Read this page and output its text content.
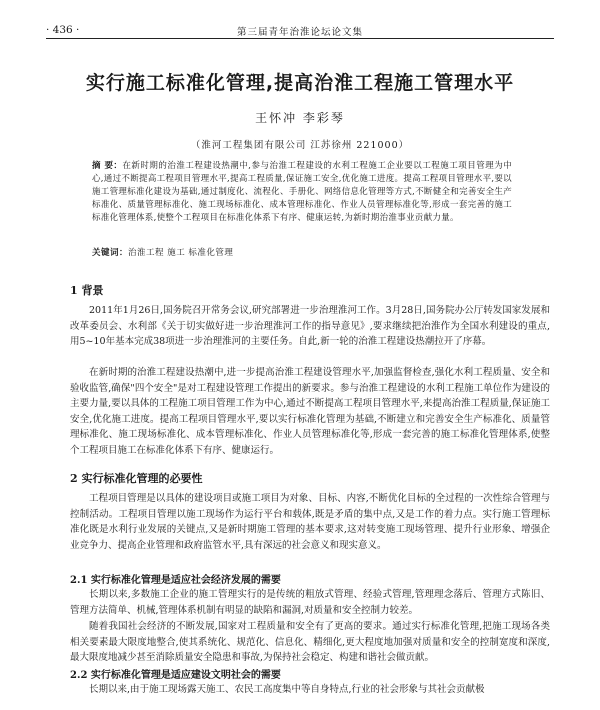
· 436 ·	第三届青年治淮论坛论文集
实行施工标准化管理,提高治淮工程施工管理水平
王怀冲 李彩琴
（淮河工程集团有限公司 江苏徐州 221000）
摘 要：在新时期的治淮工程建设热潮中,参与治淮工程建设的水利工程施工企业要以工程施工项目管理为中心,通过不断提高工程项目管理水平,提高工程质量,保证施工安全,优化施工进度。提高工程项目管理水平,要以施工管理标准化建设为基础,通过制度化、流程化、手册化、网络信息化管理等方式,不断健全和完善安全生产标准化、质量管理标准化、施工现场标准化、成本管理标准化、作业人员管理标准化等,形成一套完善的施工标准化管理体系,使整个工程项目在标准化体系下有序、健康运转,为新时期治淮事业贡献力量。
关键词：治淮工程 施工 标准化管理
1 背景
2011年1月26日,国务院召开常务会议,研究部署进一步治理淮河工作。3月28日,国务院办公厅转发国家发展和改革委员会、水利部《关于切实做好进一步治理淮河工作的指导意见》,要求继续把治淮作为全国水利建设的重点,用5~10年基本完成38项进一步治理淮河的主要任务。自此,新一轮的治淮工程建设热潮拉开了序幕。
在新时期的治淮工程建设热潮中,进一步提高治淮工程建设管理水平,加强监督检查,强化水利工程质量、安全和验收监管,确保"四个安全"是对工程建设管理工作提出的新要求。参与治淮工程建设的水利工程施工单位作为建设的主要力量,要以具体的工程施工项目管理工作为中心,通过不断提高工程项目管理水平,来提高治淮工程质量,保证施工安全,优化施工进度。提高工程项目管理水平,要以实行标准化管理为基础,不断建立和完善安全生产标准化、质量管理标准化、施工现场标准化、成本管理标准化、作业人员管理标准化等,形成一套完善的施工标准化管理体系,使整个工程项目施工在标准化体系下有序、健康运行。
2 实行标准化管理的必要性
工程项目管理是以具体的建设项目或施工项目为对象、目标、内容,不断优化目标的全过程的一次性综合管理与控制活动。工程项目管理以施工现场作为运行平台和载体,既是矛盾的集中点,又是工作的着力点。实行施工管理标准化既是水利行业发展的关键点,又是新时期施工管理的基本要求,这对转变施工现场管理、提升行业形象、增强企业竞争力、提高企业管理和政府监管水平,具有深远的社会意义和现实意义。
2.1 实行标准化管理是适应社会经济发展的需要
长期以来,多数施工企业的施工管理实行的是传统的粗放式管理、经验式管理,管理理念落后、管理方式陈旧、管理方法简单、机械,管理体系机制有明显的缺陷和漏洞,对质量和安全控制力较差。
随着我国社会经济的不断发展,国家对工程质量和安全有了更高的要求。通过实行标准化管理,把施工现场各类相关要素最大限度地整合,使其系统化、规范化、信息化、精细化,更大程度地加强对质量和安全的控制宽度和深度,最大限度地减少甚至消除质量安全隐患和事故,为保持社会稳定、构建和谐社会做贡献。
2.2 实行标准化管理是适应建设文明社会的需要
长期以来,由于施工现场露天施工、农民工高度集中等自身特点,行业的社会形象与其社会贡献极
